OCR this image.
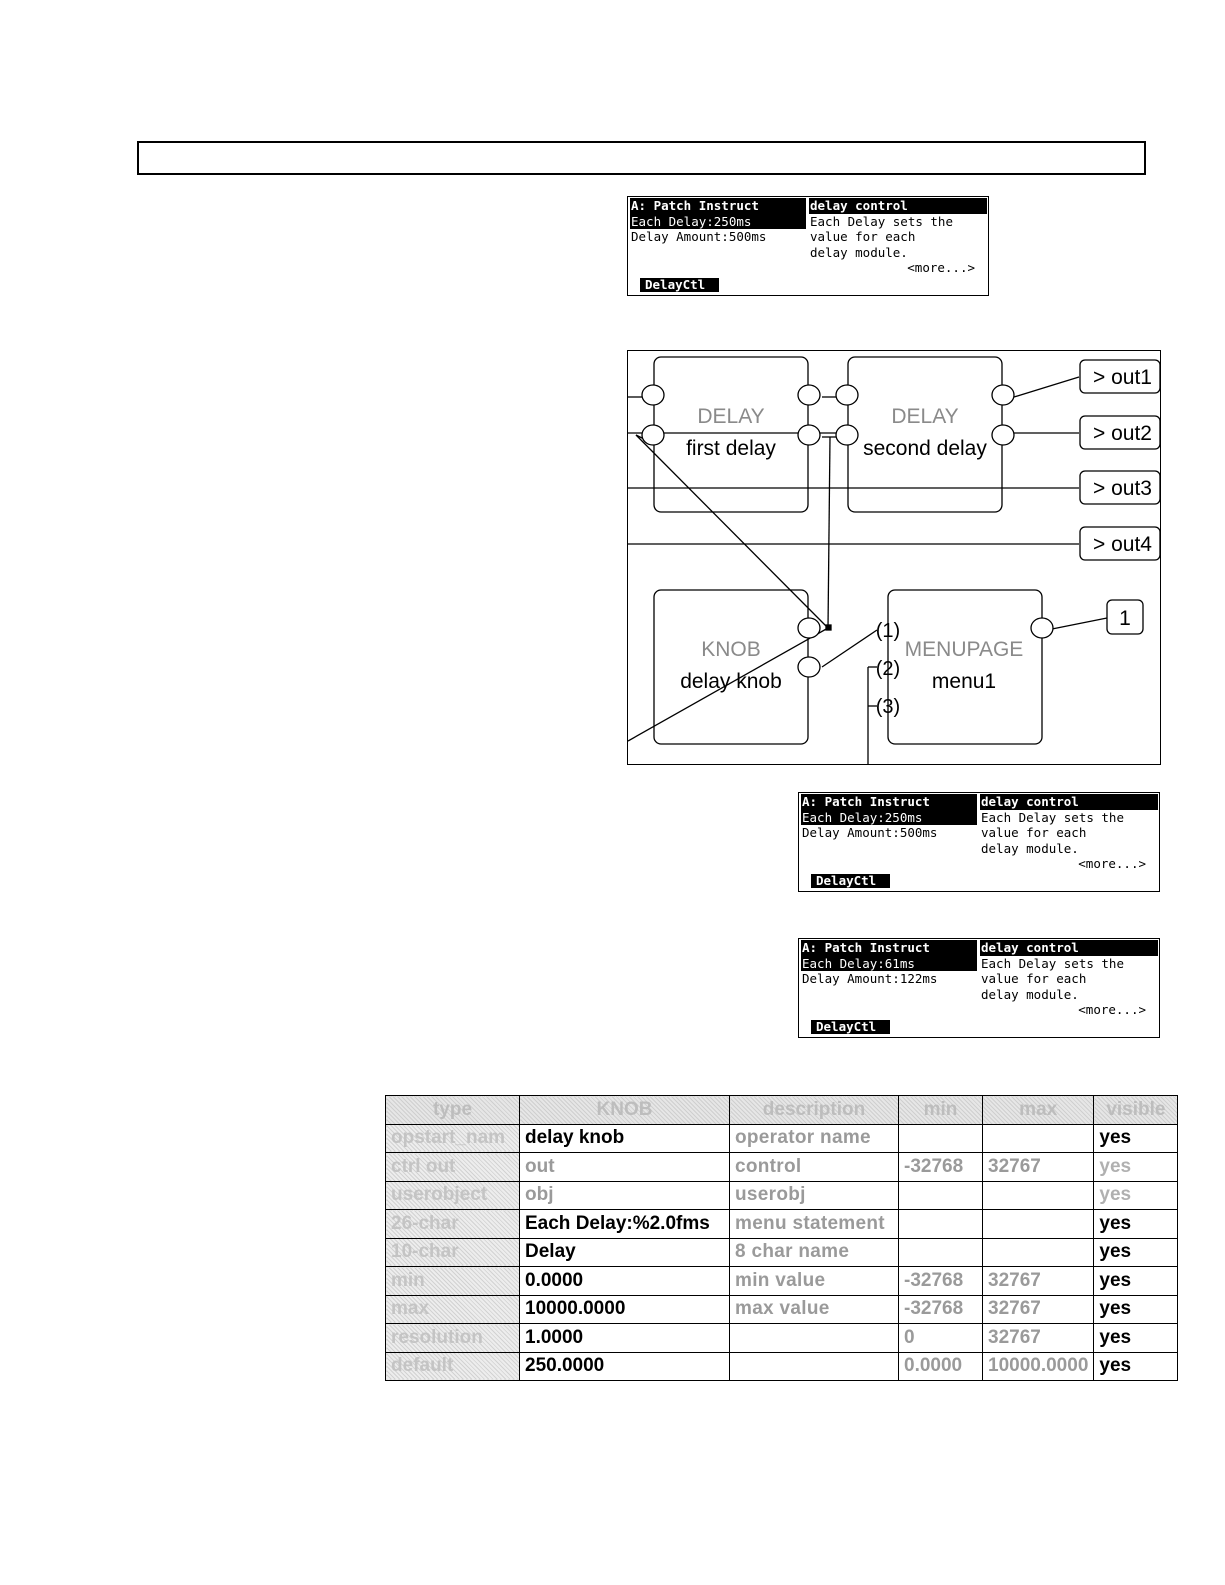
A: Patch Instruct
Each Delay:250ms
Delay Amount:500ms
delay control
Each Delay sets the
value for each
delay module.
<more...>
DelayCtl
DELAY
first delay
DELAY
second delay
KNOB
delay knob
MENUPAGE
menu1
> out1
> out2
> out3
> out4
1
(1)
(2)
(3)
A: Patch Instruct
Each Delay:250ms
Delay Amount:500ms
delay control
Each Delay sets the
value for each
delay module.
<more...>
DelayCtl
A: Patch Instruct
Each Delay:61ms
Delay Amount:122ms
delay control
Each Delay sets the
value for each
delay module.
<more...>
DelayCtl
type	KNOB	description	min	max	visible
opstart_nam	delay knob	operator name			yes
ctrl out	out	control	-32768	32767	yes
userobject	obj	userobj			yes
26-char	Each Delay:%2.0fms	menu statement			yes
10-char	Delay	8 char name			yes
min	0.0000	min value	-32768	32767	yes
max	10000.0000	max value	-32768	32767	yes
resolution	1.0000		0	32767	yes
default	250.0000		0.0000	10000.0000	yes
